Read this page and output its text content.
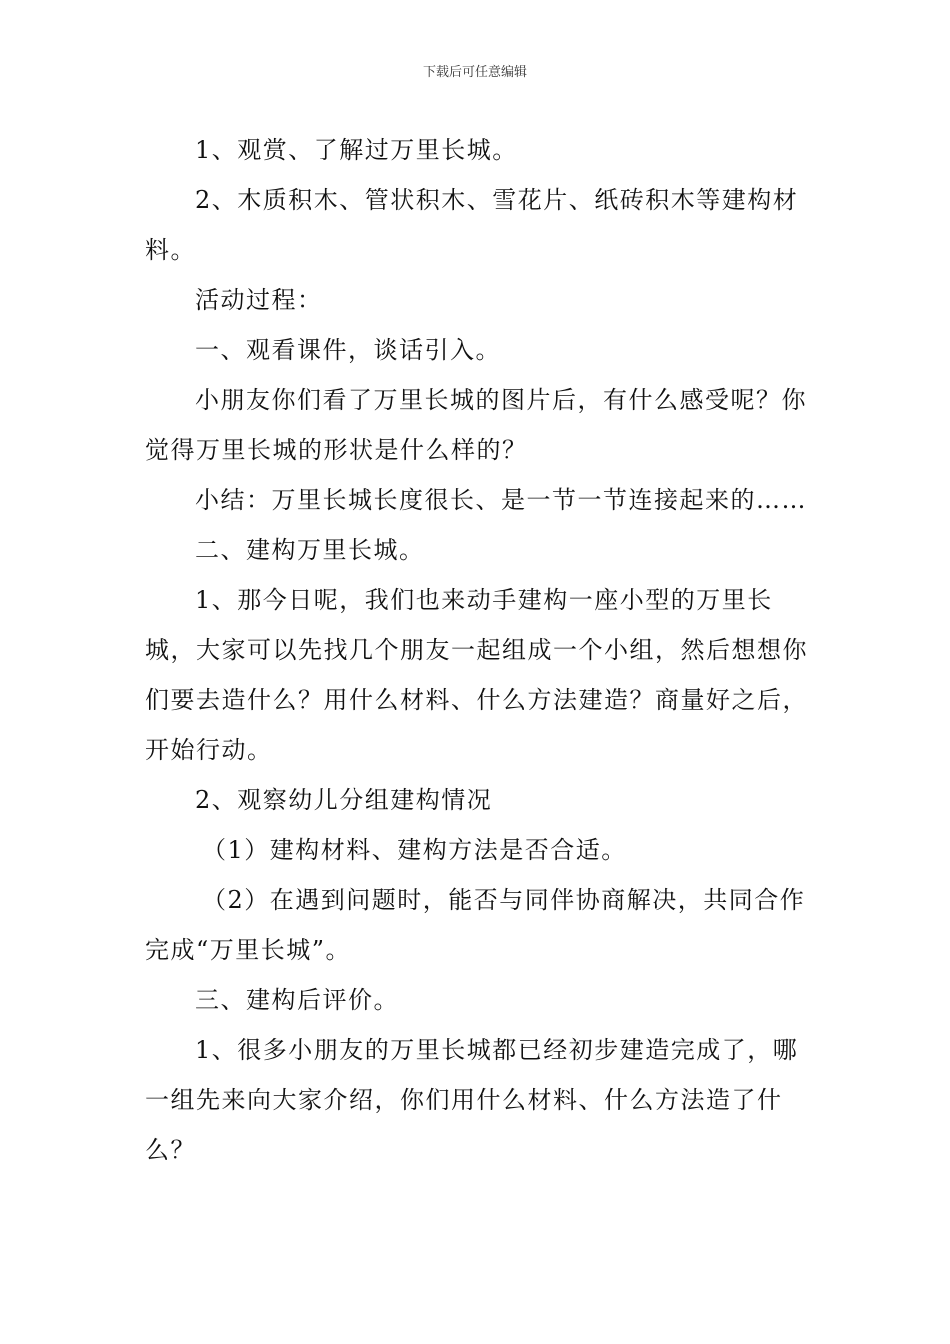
下载后可任意编辑

1、观赏、了解过万里长城。

2、木质积木、管状积木、雪花片、纸砖积木等建构材料。

活动过程：

一、观看课件，谈话引入。

小朋友你们看了万里长城的图片后，有什么感受呢？你觉得万里长城的形状是什么样的？

小结：万里长城长度很长、是一节一节连接起来的……

二、建构万里长城。

1、那今日呢，我们也来动手建构一座小型的万里长城，大家可以先找几个朋友一起组成一个小组，然后想想你们要去造什么？用什么材料、什么方法建造？商量好之后，开始行动。

2、观察幼儿分组建构情况

（1）建构材料、建构方法是否合适。

（2）在遇到问题时，能否与同伴协商解决，共同合作完成“万里长城”。

三、建构后评价。

1、很多小朋友的万里长城都已经初步建造完成了，哪一组先来向大家介绍，你们用什么材料、什么方法造了什么？
